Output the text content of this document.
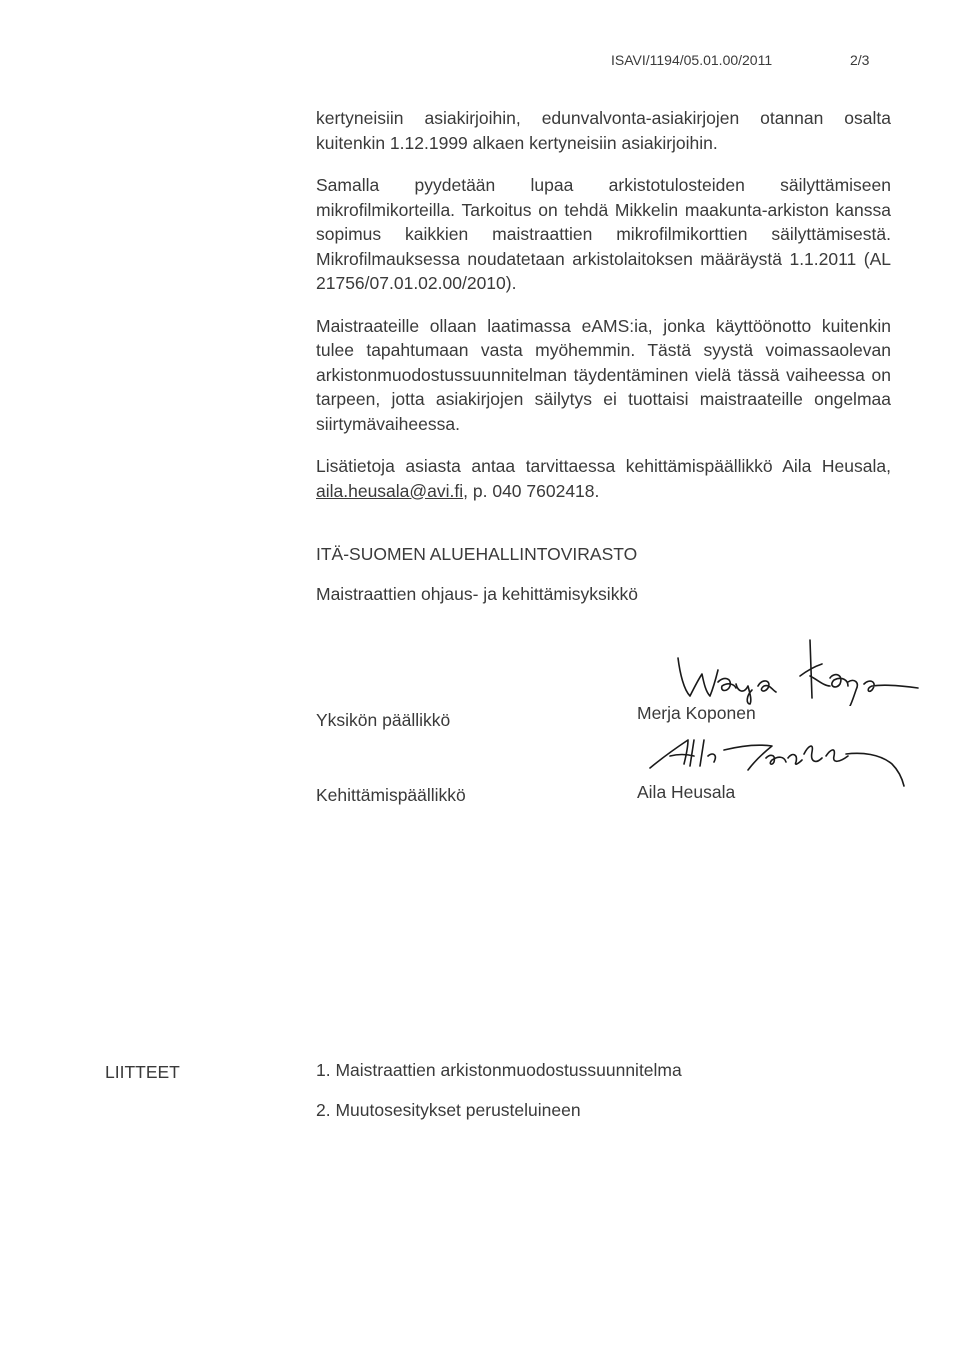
ISAVI/1194/05.01.00/2011	2/3

kertyneisiin asiakirjoihin, edunvalvonta-asiakirjojen otannan osalta kuitenkin 1.12.1999 alkaen kertyneisiin asiakirjoihin.

Samalla pyydetään lupaa arkistotulosteiden säilyttämiseen mikrofilmikorteilla. Tarkoitus on tehdä Mikkelin maakunta-arkiston kanssa sopimus kaikkien maistraattien mikrofilmikorttien säilyttämisestä. Mikrofilmauksessa noudatetaan arkistolaitoksen määräystä 1.1.2011 (AL 21756/07.01.02.00/2010).

Maistraateille ollaan laatimassa eAMS:ia, jonka käyttöönotto kuitenkin tulee tapahtumaan vasta myöhemmin. Tästä syystä voimassaolevan arkistonmuodostussuunnitelman täydentäminen vielä tässä vaiheessa on tarpeen, jotta asiakirjojen säilytys ei tuottaisi maistraateille ongelmaa siirtymävaiheessa.

Lisätietoja asiasta antaa tarvittaessa kehittämispäällikkö Aila Heusala, aila.heusala@avi.fi, p. 040 7602418.

ITÄ-SUOMEN ALUEHALLINTOVIRASTO
Maistraattien ohjaus- ja kehittämisyksikkö
Yksikön päällikkö	Merja Koponen
Kehittämispäällikkö	Aila Heusala
LIITTEET	1. Maistraattien arkistonmuodostussuunnitelma
2. Muutosesitykset perusteluineen
